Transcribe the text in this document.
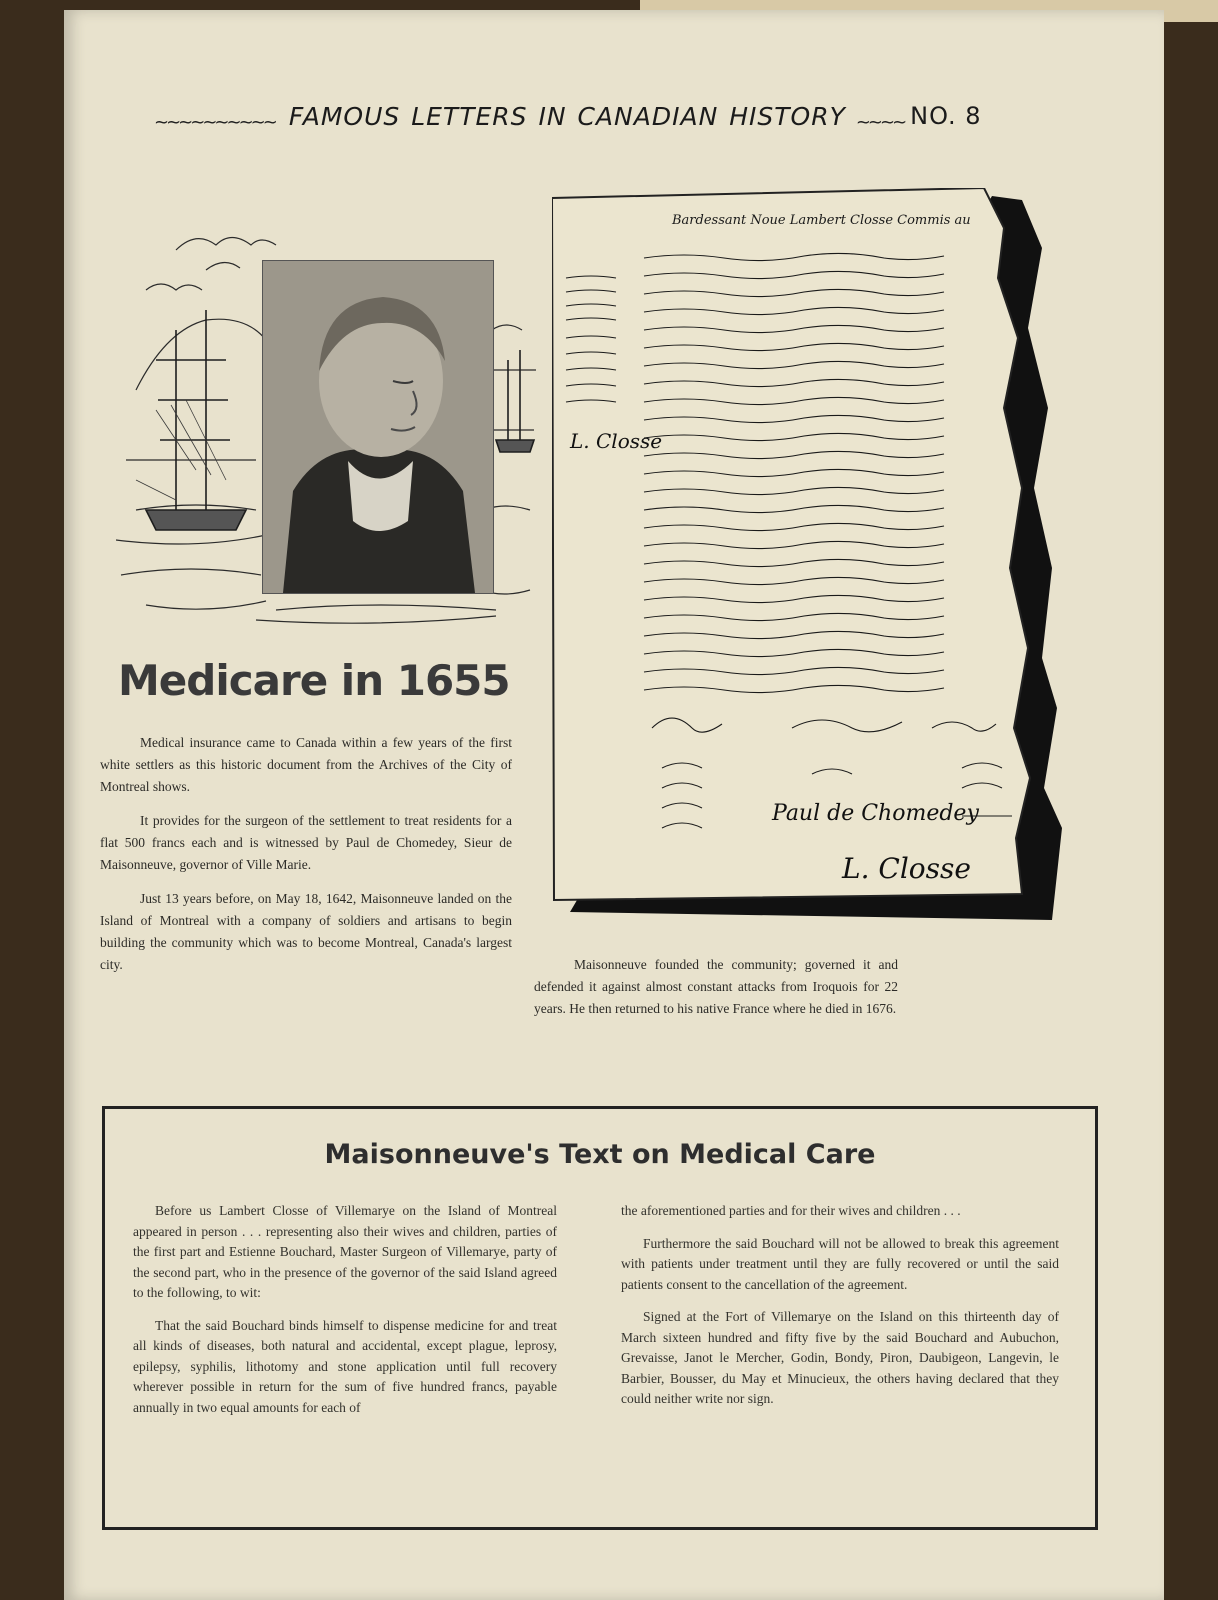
~~~~~~~~~~ FAMOUS LETTERS IN CANADIAN HISTORY ~~~~ NO. 8
Medicare in 1655

Medical insurance came to Canada within a few years of the first white settlers as this historic document from the Archives of the City of Montreal shows.

It provides for the surgeon of the settlement to treat residents for a flat 500 francs each and is witnessed by Paul de Chomedey, Sieur de Maisonneuve, governor of Ville Marie.

Just 13 years before, on May 18, 1642, Maisonneuve landed on the Island of Montreal with a company of soldiers and artisans to begin building the community which was to become Montreal, Canada's largest city.

Bardessant Noue Lambert Closse Commis au
L. Closse
Paul de Chomedey
L. Closse

Maisonneuve founded the community; governed it and defended it against almost constant attacks from Iroquois for 22 years. He then returned to his native France where he died in 1676.

Maisonneuve's Text on Medical Care

Before us Lambert Closse of Villemarye on the Island of Montreal appeared in person . . . representing also their wives and children, parties of the first part and Estienne Bouchard, Master Surgeon of Villemarye, party of the second part, who in the presence of the governor of the said Island agreed to the following, to wit:

That the said Bouchard binds himself to dispense medicine for and treat all kinds of diseases, both natural and accidental, except plague, leprosy, epilepsy, syphilis, lithotomy and stone application until full recovery wherever possible in return for the sum of five hundred francs, payable annually in two equal amounts for each of

the aforementioned parties and for their wives and children . . .

Furthermore the said Bouchard will not be allowed to break this agreement with patients under treatment until they are fully recovered or until the said patients consent to the cancellation of the agreement.

Signed at the Fort of Villemarye on the Island on this thirteenth day of March sixteen hundred and fifty five by the said Bouchard and Aubuchon, Grevaisse, Janot le Mercher, Godin, Bondy, Piron, Daubigeon, Langevin, le Barbier, Bousser, du May et Minucieux, the others having declared that they could neither write nor sign.
